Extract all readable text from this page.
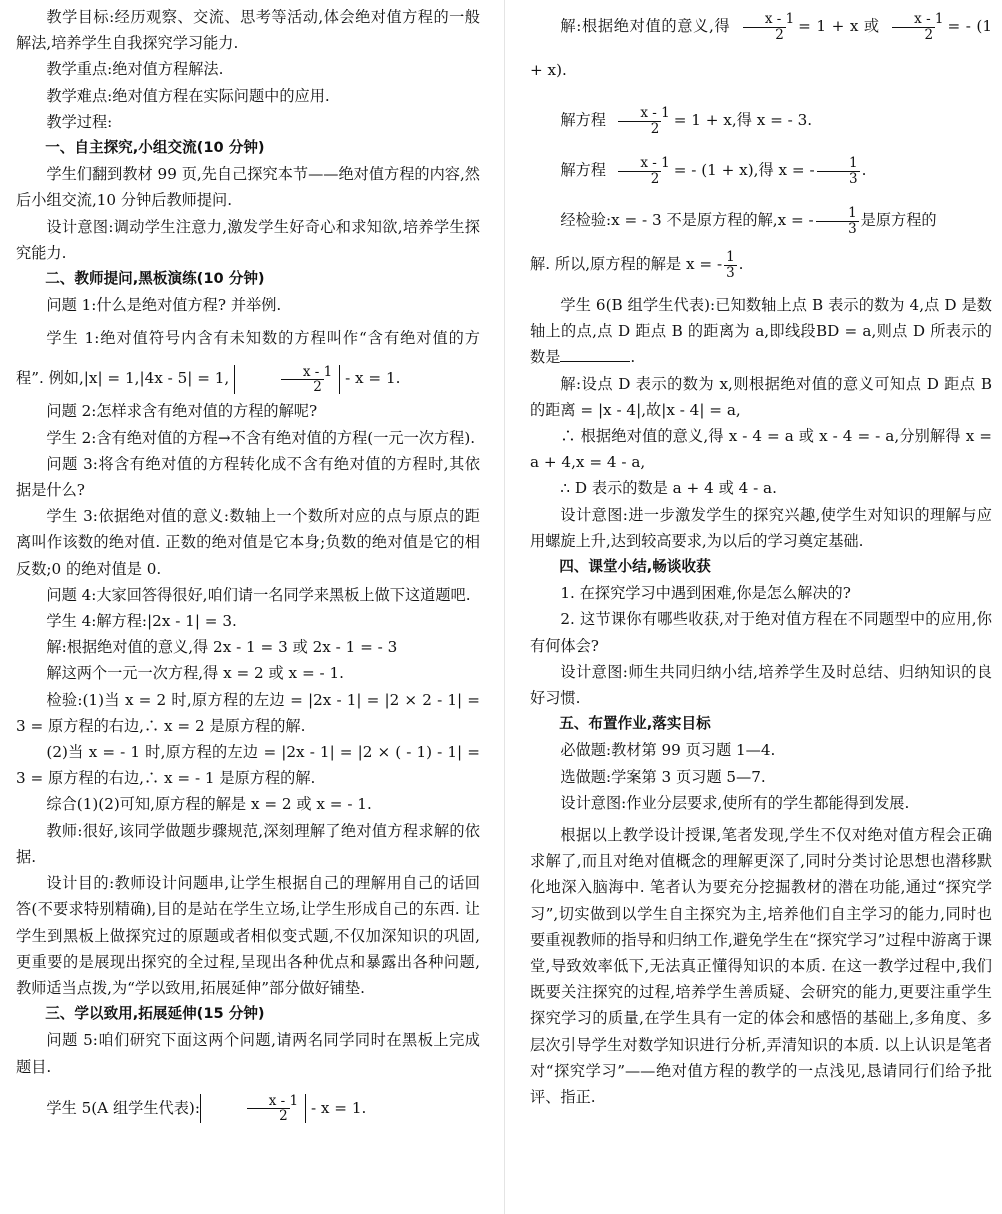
教学目标:经历观察、交流、思考等活动,体会绝对值方程的一般解法,培养学生自我探究学习能力.

教学重点:绝对值方程解法.

教学难点:绝对值方程在实际问题中的应用.

教学过程:

一、自主探究,小组交流(10 分钟)

学生们翻到教材 99 页,先自己探究本节——绝对值方程的内容,然后小组交流,10 分钟后教师提问.

设计意图:调动学生注意力,激发学生好奇心和求知欲,培养学生探究能力.

二、教师提问,黑板演练(10 分钟)

问题 1:什么是绝对值方程? 并举例.

学生 1:绝对值符号内含有未知数的方程叫作“含有绝对值的方程”. 例如,|x| = 1,|4x - 5| = 1,	$\frac{x - 1}{2} - x = 1$.

问题 2:怎样求含有绝对值的方程的解呢?

学生 2:含有绝对值的方程→不含有绝对值的方程(一元一次方程).

问题 3:将含有绝对值的方程转化成不含有绝对值的方程时,其依据是什么?

学生 3:依据绝对值的意义:数轴上一个数所对应的点与原点的距离叫作该数的绝对值. 正数的绝对值是它本身;负数的绝对值是它的相反数;0 的绝对值是 0.

问题 4:大家回答得很好,咱们请一名同学来黑板上做下这道题吧.

学生 4:解方程:|2x - 1| = 3.

解:根据绝对值的意义,得 2x - 1 = 3 或 2x - 1 = - 3

解这两个一元一次方程,得 x = 2 或 x = - 1.

检验:(1)当 x = 2 时,原方程的左边 = |2x - 1| = |2 × 2 - 1| = 3 = 原方程的右边,∴ x = 2 是原方程的解.

(2)当 x = - 1 时,原方程的左边 = |2x - 1| = |2 × ( - 1) - 1| = 3 = 原方程的右边,∴ x = - 1 是原方程的解.

综合(1)(2)可知,原方程的解是 x = 2 或 x = - 1.

教师:很好,该同学做题步骤规范,深刻理解了绝对值方程求解的依据.

设计目的:教师设计问题串,让学生根据自己的理解用自己的话回答(不要求特别精确),目的是站在学生立场,让学生形成自己的东西. 让学生到黑板上做探究过的原题或者相似变式题,不仅加深知识的巩固,更重要的是展现出探究的全过程,呈现出各种优点和暴露出各种问题,教师适当点拨,为“学以致用,拓展延伸”部分做好铺垫.

三、学以致用,拓展延伸(15 分钟)

问题 5:咱们研究下面这两个问题,请两名同学同时在黑板上完成题目.

学生 5(A 组学生代表):	$\frac{x - 1}{2} - x = 1$.

解:根据绝对值的意义,得 $\frac{x - 1}{2} = 1 + x$ 或 $\frac{x - 1}{2}$ = - (1 + x).

解方程 $\frac{x - 1}{2} = 1 + x$,得 x = - 3.

解方程 $\frac{x - 1}{2}$ = - (1 + x),得 x = - $\frac{1}{3}$ .

经检验:x = - 3 不是原方程的解,x = - $\frac{1}{3}$ 是原方程的

解. 所以,原方程的解是 x = - $\frac{1}{3}$ .

学生 6(B 组学生代表):已知数轴上点 B 表示的数为 4,点 D 是数轴上的点,点 D 距点 B 的距离为 a,即线段BD = a,则点 D 所表示的数是	.

解:设点 D 表示的数为 x,则根据绝对值的意义可知点 D 距点 B 的距离 = |x - 4|,故|x - 4| = a,

∴ 根据绝对值的意义,得 x - 4 = a 或 x - 4 = - a,分别解得 x = a + 4,x = 4 - a,

∴ D 表示的数是 a + 4 或 4 - a.

设计意图:进一步激发学生的探究兴趣,使学生对知识的理解与应用螺旋上升,达到较高要求,为以后的学习奠定基础.

四、课堂小结,畅谈收获

1. 在探究学习中遇到困难,你是怎么解决的?

2. 这节课你有哪些收获,对于绝对值方程在不同题型中的应用,你有何体会?

设计意图:师生共同归纳小结,培养学生及时总结、归纳知识的良好习惯.

五、布置作业,落实目标

必做题:教材第 99 页习题 1—4.

选做题:学案第 3 页习题 5—7.

设计意图:作业分层要求,使所有的学生都能得到发展.

根据以上教学设计授课,笔者发现,学生不仅对绝对值方程会正确求解了,而且对绝对值概念的理解更深了,同时分类讨论思想也潜移默化地深入脑海中. 笔者认为要充分挖掘教材的潜在功能,通过“探究学习”,切实做到以学生自主探究为主,培养他们自主学习的能力,同时也要重视教师的指导和归纳工作,避免学生在“探究学习”过程中游离于课堂,导致效率低下,无法真正懂得知识的本质. 在这一教学过程中,我们既要关注探究的过程,培养学生善质疑、会研究的能力,更要注重学生探究学习的质量,在学生具有一定的体会和感悟的基础上,多角度、多层次引导学生对数学知识进行分析,弄清知识的本质. 以上认识是笔者对“探究学习”——绝对值方程的教学的一点浅见,恳请同行们给予批评、指正.
